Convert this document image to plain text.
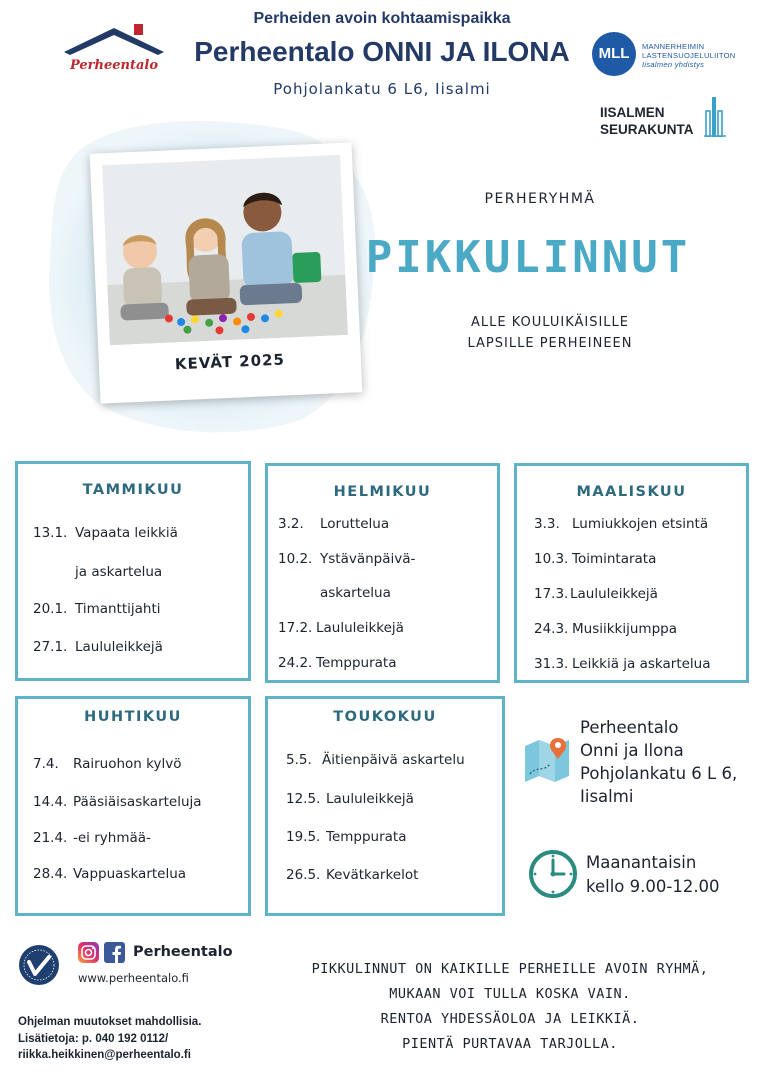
Perheentalo
Perheiden avoin kohtaamispaikka
Perheentalo ONNI JA ILONA
Pohjolankatu 6 L6, Iisalmi
MLL	MANNERHEIMIN
LASTENSUOJELULIITON
Iisalmen yhdistys
IISALMEN
SEURAKUNTA
KEVÄT 2025
PERHERYHMÄ
PIKKULINNUT
ALLE KOULUIKÄISILLE
LAPSILLE PERHEINEEN
TAMMIKUU
13.1. Vapaata leikkiä
ja askartelua
20.1. Timanttijahti
27.1. Laululeikkejä
HELMIKUU
3.2. Loruttelua
10.2. Ystävänpäivä-
askartelua
17.2. Laululeikkejä
24.2. Temppurata
MAALISKUU
3.3. Lumiukkojen etsintä
10.3. Toimintarata
17.3. Laululeikkejä
24.3. Musiikkijumppa
31.3. Leikkiä ja askartelua
HUHTIKUU
7.4. Rairuohon kylvö
14.4. Pääsiäisaskarteluja
21.4. -ei ryhmää-
28.4. Vappuaskartelua
TOUKOKUU
5.5. Äitienpäivä askartelu
12.5. Laululeikkejä
19.5. Temppurata
26.5. Kevätkarkelot
Perheentalo
Onni ja Ilona
Pohjolankatu 6 L 6,
Iisalmi
Maanantaisin
kello 9.00-12.00
Perheentalo
www.perheentalo.fi
Ohjelman muutokset mahdollisia.
Lisätietoja: p. 040 192 0112/
riikka.heikkinen@perheentalo.fi
PIKKULINNUT ON KAIKILLE PERHEILLE AVOIN RYHMÄ,
MUKAAN VOI TULLA KOSKA VAIN.
RENTOA YHDESSÄOLOA JA LEIKKIÄ.
PIENTÄ PURTAVAA TARJOLLA.
